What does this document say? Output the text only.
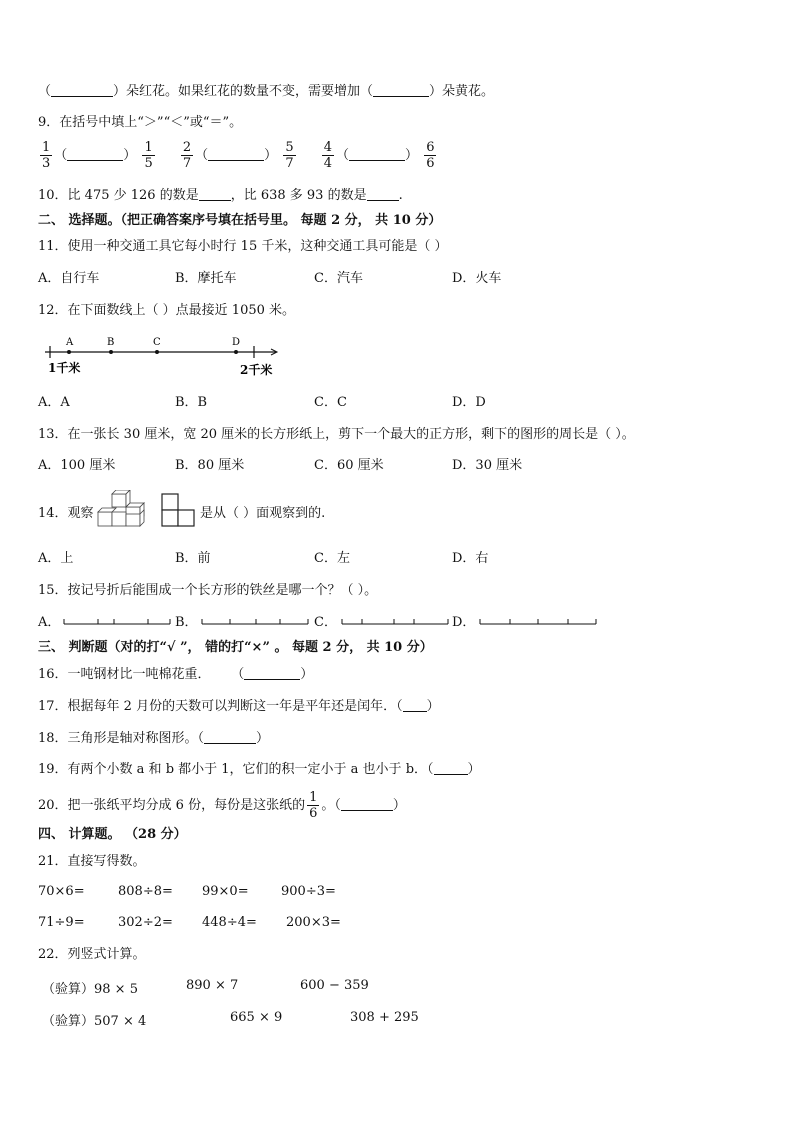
（	）朵红花。如果红花的数量不变，需要增加（	）朵黄花。
9．在括号中填上“＞”“＜”或“＝”。
$\frac{1}{3}$ （	） $\frac{1}{5}$
$\frac{2}{7}$ （	） $\frac{5}{7}$
$\frac{4}{4}$ （	） $\frac{6}{6}$
10．比 475 少 126 的数是 ，比 638 多 93 的数是 .
二、 选择题。（把正确答案序号填在括号里。 每题 2 分， 共 10 分）
11．使用一种交通工具它每小时行 15 千米，这种交通工具可能是（ ）
A．自行车	B．摩托车	C．汽车	D．火车
12．在下面数线上（ ）点最接近 1050 米。
A	B	C	D
1千米	2千米
A．A	B．B	C．C	D．D
13．在一张长 30 厘米，宽 20 厘米的长方形纸上，剪下一个最大的正方形，剩下的图形的周长是（ ）。
A．100 厘米	B．80 厘米	C．60 厘米	D．30 厘米
14．观察	是从（ ）面观察到的.
A．上	B．前	C．左	D．右
15．按记号折后能围成一个长方形的铁丝是哪一个？（ ）。
A．	B．	C．	D．
三、 判断题（对的打“√ ”， 错的打“×” 。 每题 2 分， 共 10 分）
16．一吨钢材比一吨棉花重． （	）
17．根据每年 2 月份的天数可以判断这一年是平年还是闰年．（ ）
18．三角形是轴对称图形。（	）
19．有两个小数 a 和 b 都小于 1，它们的积一定小于 a 也小于 b．（	）
20．把一张纸平均分成 6 份，每份是这张纸的 $\frac{1}{6}$ 。（	）
四、 计算题。 （28 分）
21．直接写得数。
70×6=	808÷8= 99×0= 900÷3=
71÷9=	302÷2= 448÷4= 200×3=
22．列竖式计算。
（验算）98 × 5	890 × 7	600 − 359
（验算）507 × 4	665 × 9	308 + 295
